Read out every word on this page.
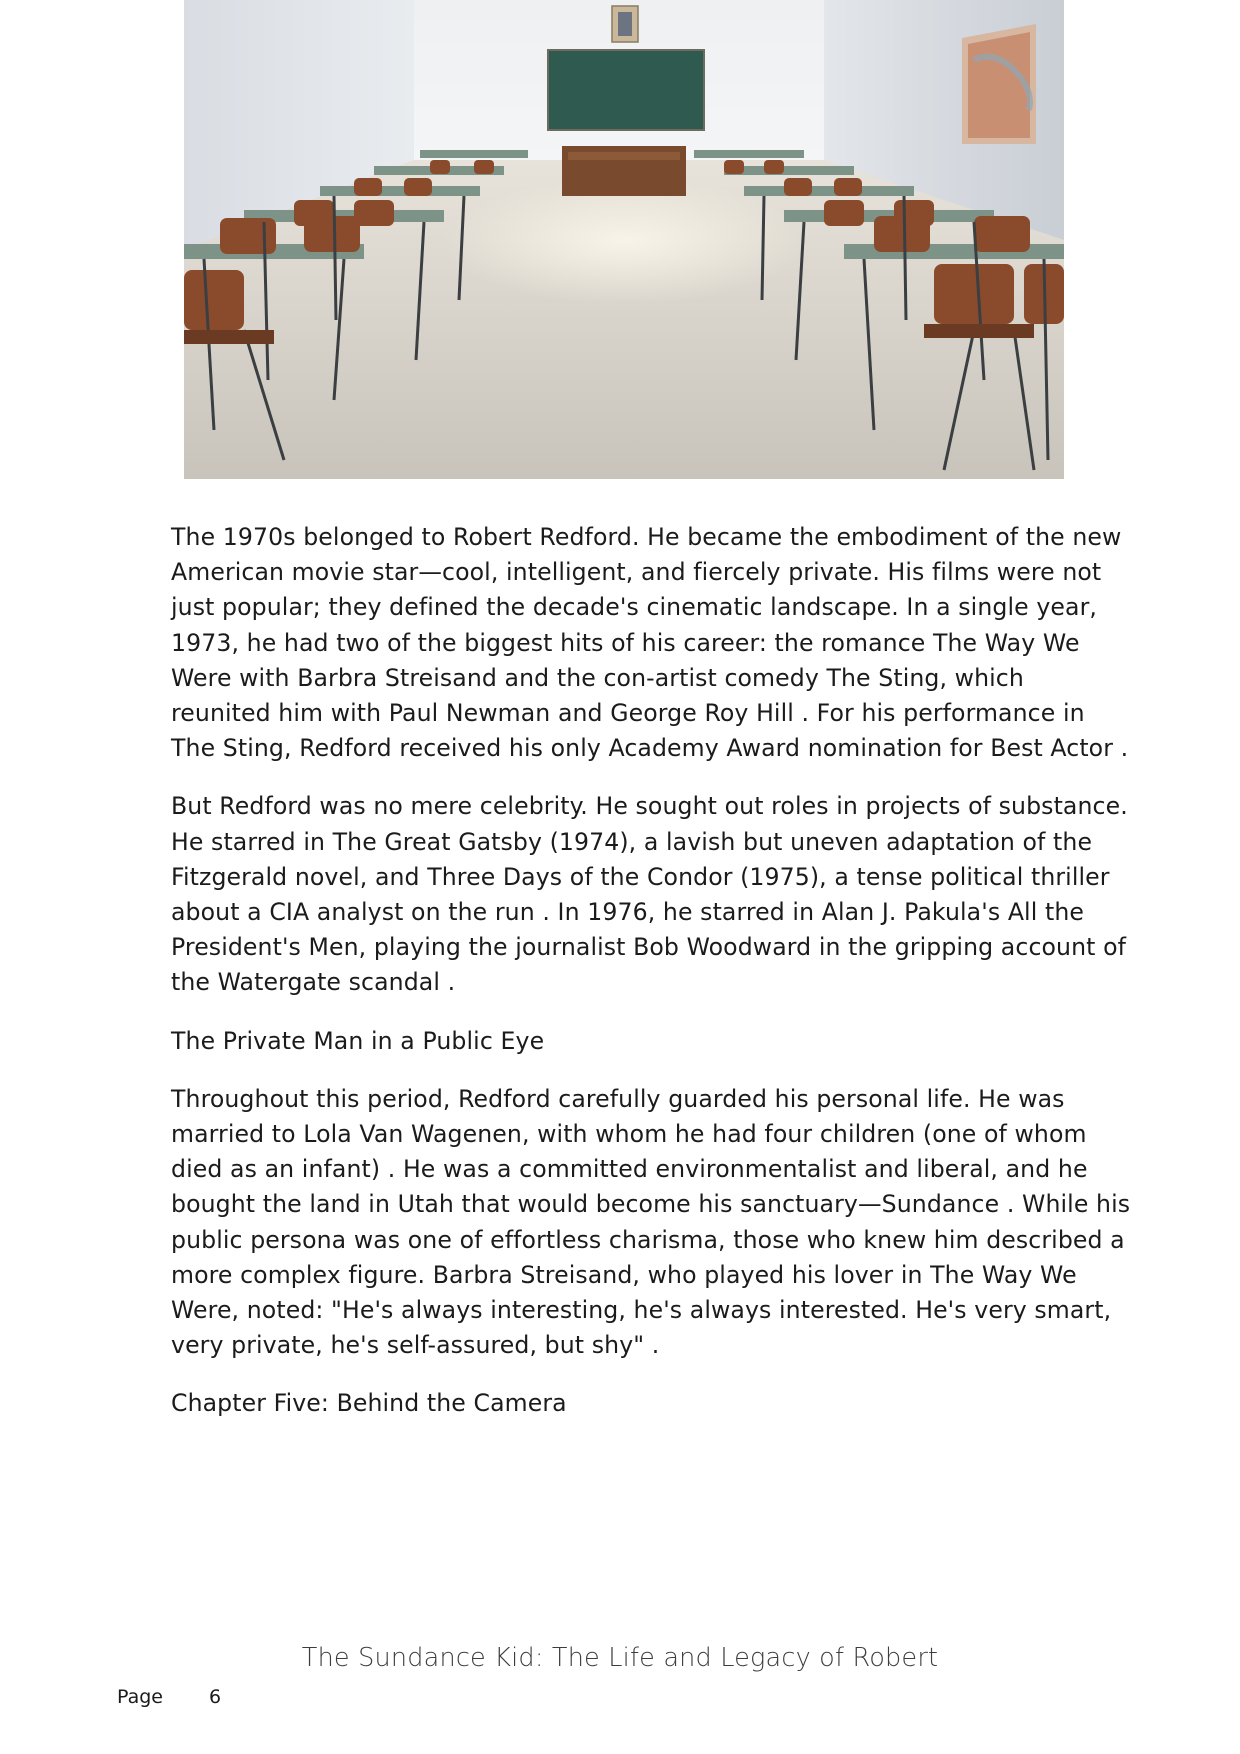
The 1970s belonged to Robert Redford. He became the embodiment of the new American movie star—cool, intelligent, and fiercely private. His films were not just popular; they defined the decade's cinematic landscape. In a single year, 1973, he had two of the biggest hits of his career: the romance The Way We Were with Barbra Streisand and the con-artist comedy The Sting, which reunited him with Paul Newman and George Roy Hill . For his performance in The Sting, Redford received his only Academy Award nomination for Best Actor .

But Redford was no mere celebrity. He sought out roles in projects of substance. He starred in The Great Gatsby (1974), a lavish but uneven adaptation of the Fitzgerald novel, and Three Days of the Condor (1975), a tense political thriller about a CIA analyst on the run . In 1976, he starred in Alan J. Pakula's All the President's Men, playing the journalist Bob Woodward in the gripping account of the Watergate scandal .

The Private Man in a Public Eye

Throughout this period, Redford carefully guarded his personal life. He was married to Lola Van Wagenen, with whom he had four children (one of whom died as an infant) . He was a committed environmentalist and liberal, and he bought the land in Utah that would become his sanctuary—Sundance . While his public persona was one of effortless charisma, those who knew him described a more complex figure. Barbra Streisand, who played his lover in The Way We Were, noted: "He's always interesting, he's always interested. He's very smart, very private, he's self-assured, but shy" .

Chapter Five: Behind the Camera

The Sundance Kid: The Life and Legacy of Robert
Page 6
